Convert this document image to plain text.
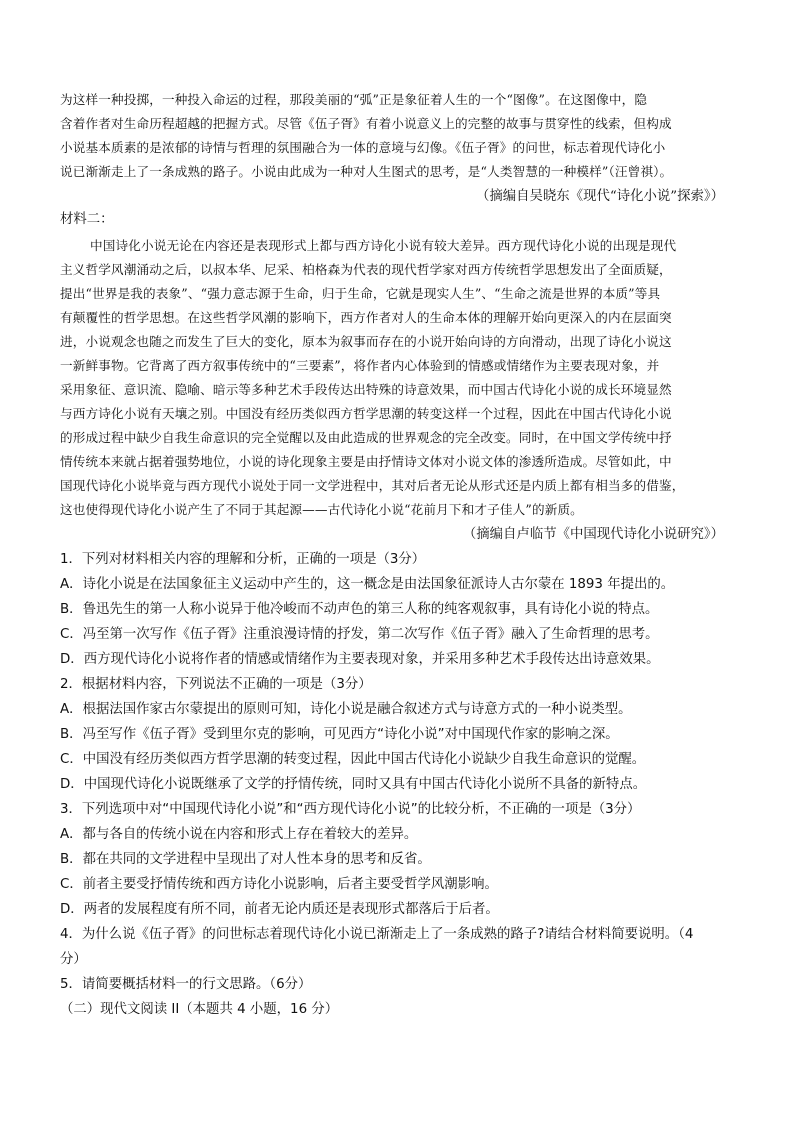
为这样一种投掷，一种投入命运的过程，那段美丽的“弧”正是象征着人生的一个“图像”。在这图像中，隐
含着作者对生命历程超越的把握方式。尽管《伍子胥》有着小说意义上的完整的故事与贯穿性的线索，但构成
小说基本质素的是浓郁的诗情与哲理的氛围融合为一体的意境与幻像。《伍子胥》的问世，标志着现代诗化小
说已渐渐走上了一条成熟的路子。小说由此成为一种对人生图式的思考，是“人类智慧的一种模样”（汪曾祺）。
（摘编自吴晓东《现代“诗化小说”探索》）
材料二：
中国诗化小说无论在内容还是表现形式上都与西方诗化小说有较大差异。西方现代诗化小说的出现是现代
主义哲学风潮涌动之后，以叔本华、尼采、柏格森为代表的现代哲学家对西方传统哲学思想发出了全面质疑，
提出“世界是我的表象”、“强力意志源于生命，归于生命，它就是现实人生”、“生命之流是世界的本质”等具
有颠覆性的哲学思想。在这些哲学风潮的影响下，西方作者对人的生命本体的理解开始向更深入的内在层面突
进，小说观念也随之而发生了巨大的变化，原本为叙事而存在的小说开始向诗的方向滑动，出现了诗化小说这
一新鲜事物。它背离了西方叙事传统中的“三要素”，将作者内心体验到的情感或情绪作为主要表现对象，并
采用象征、意识流、隐喻、暗示等多种艺术手段传达出特殊的诗意效果，而中国古代诗化小说的成长环境显然
与西方诗化小说有天壤之别。中国没有经历类似西方哲学思潮的转变这样一个过程，因此在中国古代诗化小说
的形成过程中缺少自我生命意识的完全觉醒以及由此造成的世界观念的完全改变。同时，在中国文学传统中抒
情传统本来就占据着强势地位，小说的诗化现象主要是由抒情诗文体对小说文体的渗透所造成。尽管如此，中
国现代诗化小说毕竟与西方现代小说处于同一文学进程中，其对后者无论从形式还是内质上都有相当多的借鉴，
这也使得现代诗化小说产生了不同于其起源——古代诗化小说“花前月下和才子佳人”的新质。
（摘编自卢临节《中国现代诗化小说研究》）
1．下列对材料相关内容的理解和分析，正确的一项是（3分）
A．诗化小说是在法国象征主义运动中产生的，这一概念是由法国象征派诗人古尔蒙在 1893 年提出的。
B．鲁迅先生的第一人称小说异于他冷峻而不动声色的第三人称的纯客观叙事，具有诗化小说的特点。
C．冯至第一次写作《伍子胥》注重浪漫诗情的抒发，第二次写作《伍子胥》融入了生命哲理的思考。
D．西方现代诗化小说将作者的情感或情绪作为主要表现对象，并采用多种艺术手段传达出诗意效果。
2．根据材料内容，下列说法不正确的一项是（3分）
A．根据法国作家古尔蒙提出的原则可知，诗化小说是融合叙述方式与诗意方式的一种小说类型。
B．冯至写作《伍子胥》受到里尔克的影响，可见西方“诗化小说”对中国现代作家的影响之深。
C．中国没有经历类似西方哲学思潮的转变过程，因此中国古代诗化小说缺少自我生命意识的觉醒。
D．中国现代诗化小说既继承了文学的抒情传统，同时又具有中国古代诗化小说所不具备的新特点。
3．下列选项中对“中国现代诗化小说”和“西方现代诗化小说”的比较分析，不正确的一项是（3分）
A．都与各自的传统小说在内容和形式上存在着较大的差异。
B．都在共同的文学进程中呈现出了对人性本身的思考和反省。
C．前者主要受抒情传统和西方诗化小说影响，后者主要受哲学风潮影响。
D．两者的发展程度有所不同，前者无论内质还是表现形式都落后于后者。
4．为什么说《伍子胥》的问世标志着现代诗化小说已渐渐走上了一条成熟的路子?请结合材料简要说明。（4
分）
5．请简要概括材料一的行文思路。（6分）
（二）现代文阅读 II（本题共 4 小题，16 分）
